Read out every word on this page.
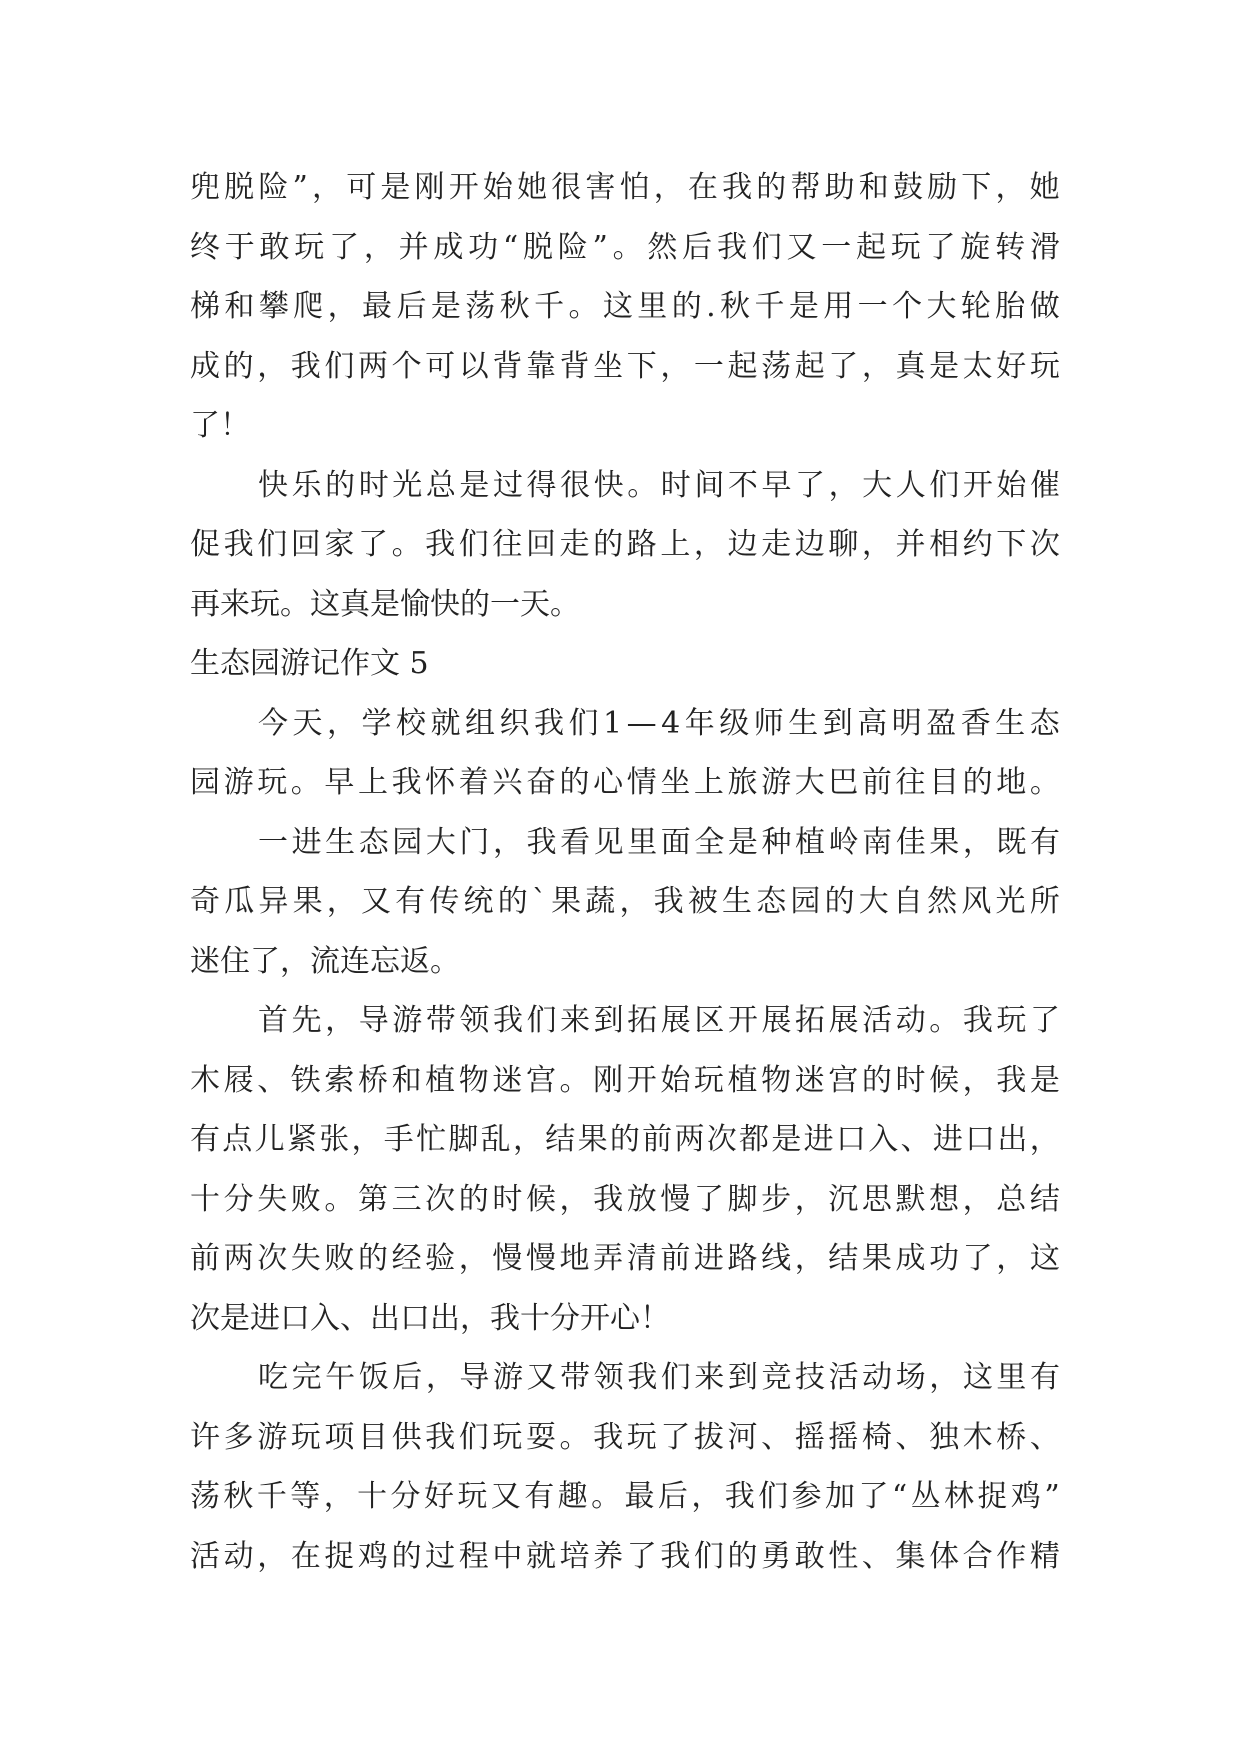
兜 脱 险 ” ， 可 是 刚 开 始 她 很 害 怕 ， 在 我 的 帮 助 和 鼓 励 下 ， 她
终 于 敢 玩 了 ， 并 成 功 “ 脱 险 ” 。 然 后 我 们 又 一 起 玩 了 旋 转 滑
梯 和 攀 爬 ， 最 后 是 荡 秋 千 。 这 里 的 . 秋 千 是 用 一 个 大 轮 胎 做
成 的 ， 我 们 两 个 可 以 背 靠 背 坐 下 ， 一 起 荡 起 了 ， 真 是 太 好 玩
了！
快 乐 的 时 光 总 是 过 得 很 快 。 时 间 不 早 了 ， 大 人 们 开 始 催
促 我 们 回 家 了 。 我 们 往 回 走 的 路 上 ， 边 走 边 聊 ， 并 相 约 下 次
再来玩。这真是愉快的一天。
生态园游记作文 5
今 天 ， 学 校 就 组 织 我 们 1 — 4 年 级 师 生 到 高 明 盈 香 生 态
园 游 玩 。 早 上 我 怀 着 兴 奋 的 心 情 坐 上 旅 游 大 巴 前 往 目 的 地 。
一 进 生 态 园 大 门 ， 我 看 见 里 面 全 是 种 植 岭 南 佳 果 ， 既 有
奇 瓜 异 果 ， 又 有 传 统 的 ` 果 蔬 ， 我 被 生 态 园 的 大 自 然 风 光 所
迷住了，流连忘返。
首 先 ， 导 游 带 领 我 们 来 到 拓 展 区 开 展 拓 展 活 动 。 我 玩 了
木 屐 、 铁 索 桥 和 植 物 迷 宫 。 刚 开 始 玩 植 物 迷 宫 的 时 候 ， 我 是
有 点 儿 紧 张 ， 手 忙 脚 乱 ， 结 果 的 前 两 次 都 是 进 口 入 、 进 口 出 ，
十 分 失 败 。 第 三 次 的 时 候 ， 我 放 慢 了 脚 步 ， 沉 思 默 想 ， 总 结
前 两 次 失 败 的 经 验 ， 慢 慢 地 弄 清 前 进 路 线 ， 结 果 成 功 了 ， 这
次是进口入、出口出，我十分开心！
吃 完 午 饭 后 ， 导 游 又 带 领 我 们 来 到 竞 技 活 动 场 ， 这 里 有
许 多 游 玩 项 目 供 我 们 玩 耍 。 我 玩 了 拔 河 、 摇 摇 椅 、 独 木 桥 、
荡 秋 千 等 ， 十 分 好 玩 又 有 趣 。 最 后 ， 我 们 参 加 了 “ 丛 林 捉 鸡 ”
活 动 ， 在 捉 鸡 的 过 程 中 就 培 养 了 我 们 的 勇 敢 性 、 集 体 合 作 精
